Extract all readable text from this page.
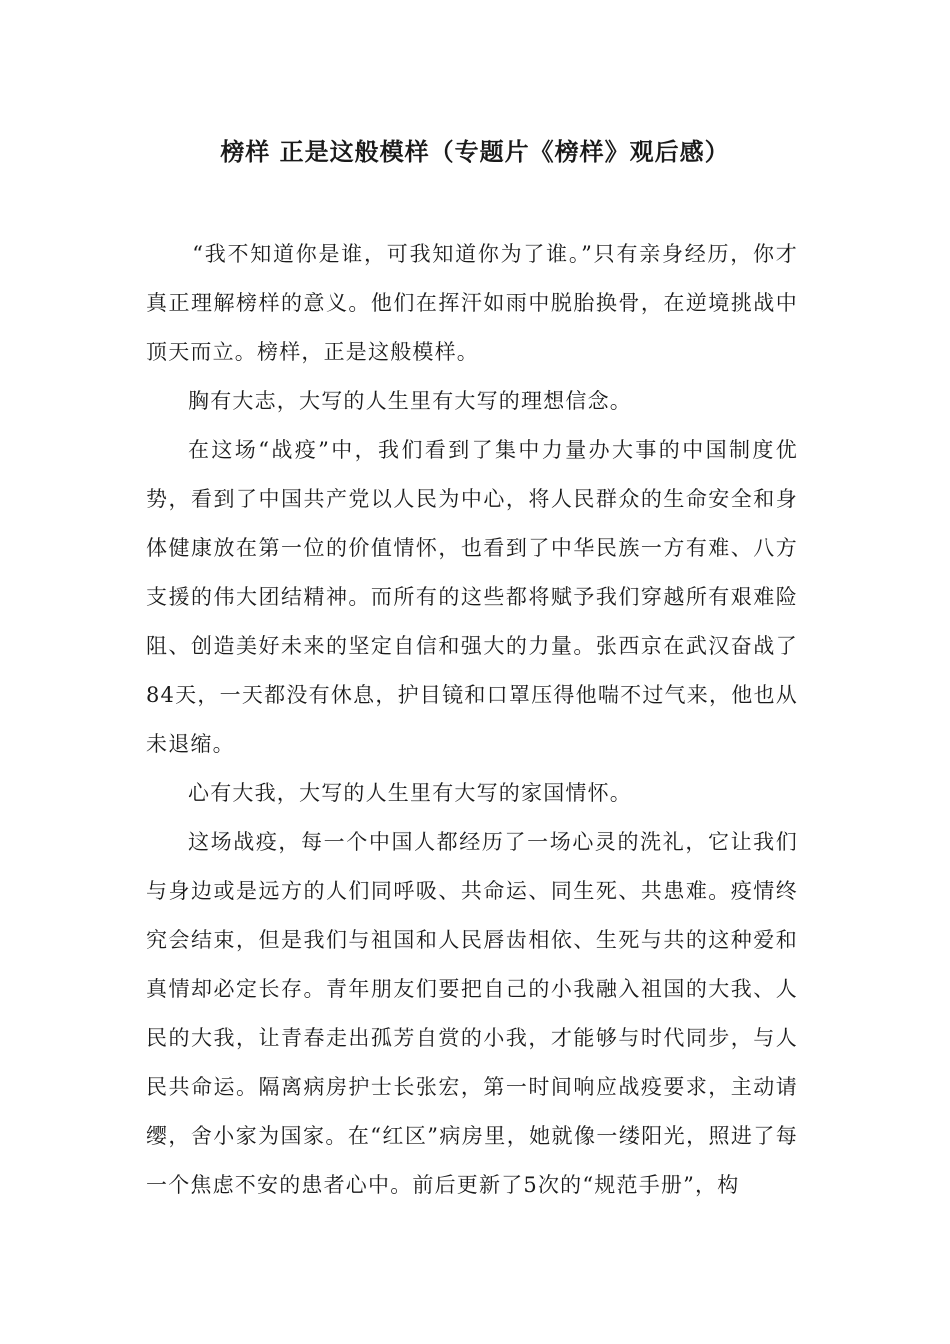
榜样 正是这般模样（专题片《榜样》观后感）

“我不知道你是谁，可我知道你为了谁。”只有亲身经历，你才真正理解榜样的意义。他们在挥汗如雨中脱胎换骨，在逆境挑战中顶天而立。榜样，正是这般模样。

胸有大志，大写的人生里有大写的理想信念。

在这场“战疫”中，我们看到了集中力量办大事的中国制度优势，看到了中国共产党以人民为中心，将人民群众的生命安全和身体健康放在第一位的价值情怀，也看到了中华民族一方有难、八方支援的伟大团结精神。而所有的这些都将赋予我们穿越所有艰难险阻、创造美好未来的坚定自信和强大的力量。张西京在武汉奋战了84天，一天都没有休息，护目镜和口罩压得他喘不过气来，他也从未退缩。

心有大我，大写的人生里有大写的家国情怀。

这场战疫，每一个中国人都经历了一场心灵的洗礼，它让我们与身边或是远方的人们同呼吸、共命运、同生死、共患难。疫情终究会结束，但是我们与祖国和人民唇齿相依、生死与共的这种爱和真情却必定长存。青年朋友们要把自己的小我融入祖国的大我、人民的大我，让青春走出孤芳自赏的小我，才能够与时代同步，与人民共命运。隔离病房护士长张宏，第一时间响应战疫要求，主动请缨，舍小家为国家。在“红区”病房里，她就像一缕阳光，照进了每一个焦虑不安的患者心中。前后更新了5次的“规范手册”，构
